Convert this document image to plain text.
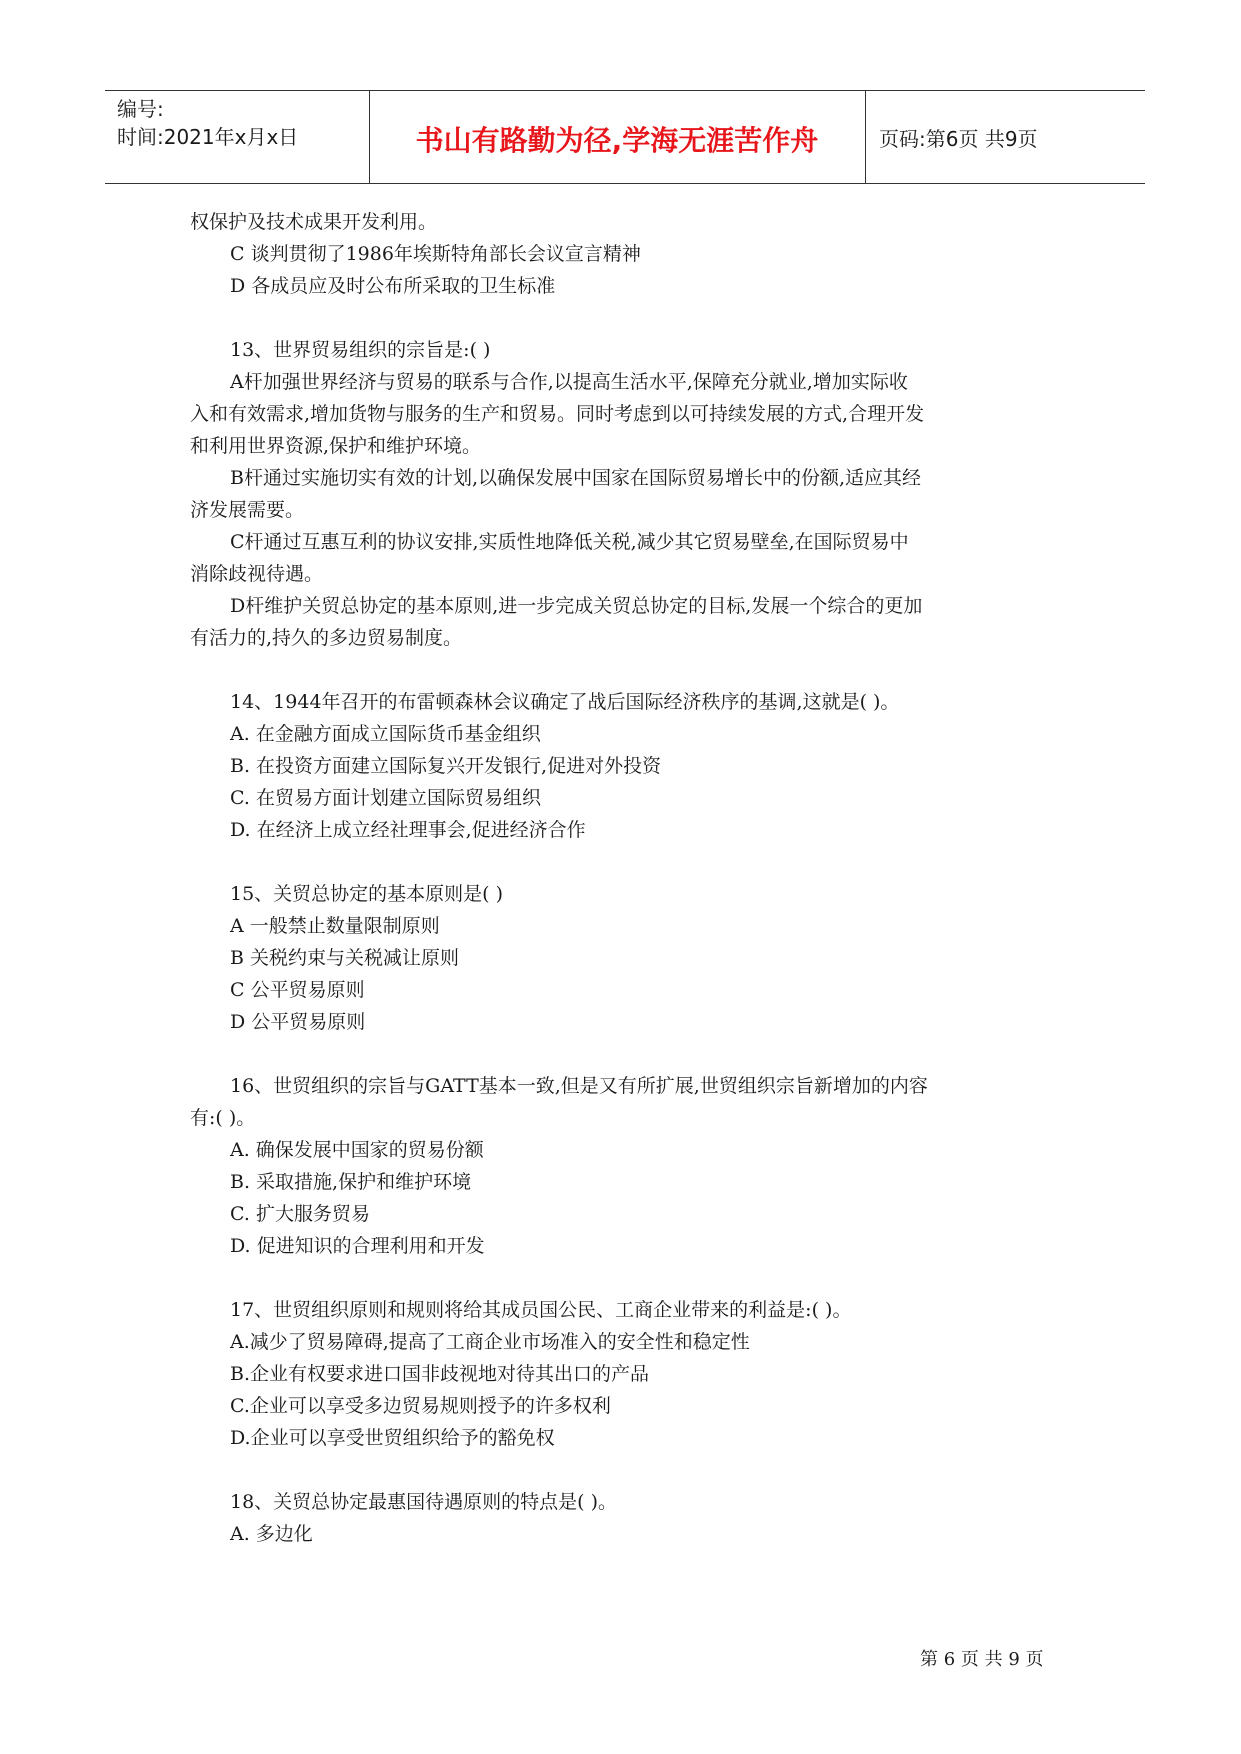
编号:
时间:2021年x月x日	书山有路勤为径,学海无涯苦作舟	页码:第6页 共9页
权保护及技术成果开发利用。
C 谈判贯彻了1986年埃斯特角部长会议宣言精神
D 各成员应及时公布所采取的卫生标准
13、世界贸易组织的宗旨是:( )
A杆加强世界经济与贸易的联系与合作,以提高生活水平,保障充分就业,增加实际收
入和有效需求,增加货物与服务的生产和贸易。同时考虑到以可持续发展的方式,合理开发
和利用世界资源,保护和维护环境。
B杆通过实施切实有效的计划,以确保发展中国家在国际贸易增长中的份额,适应其经
济发展需要。
C杆通过互惠互利的协议安排,实质性地降低关税,减少其它贸易壁垒,在国际贸易中
消除歧视待遇。
D杆维护关贸总协定的基本原则,进一步完成关贸总协定的目标,发展一个综合的更加
有活力的,持久的多边贸易制度。
14、1944年召开的布雷顿森林会议确定了战后国际经济秩序的基调,这就是( )。
A. 在金融方面成立国际货币基金组织
B. 在投资方面建立国际复兴开发银行,促进对外投资
C. 在贸易方面计划建立国际贸易组织
D. 在经济上成立经社理事会,促进经济合作
15、关贸总协定的基本原则是( )
A 一般禁止数量限制原则
B 关税约束与关税减让原则
C 公平贸易原则
D 公平贸易原则
16、世贸组织的宗旨与GATT基本一致,但是又有所扩展,世贸组织宗旨新增加的内容
有:( )。
A. 确保发展中国家的贸易份额
B. 采取措施,保护和维护环境
C. 扩大服务贸易
D. 促进知识的合理利用和开发
17、世贸组织原则和规则将给其成员国公民、工商企业带来的利益是:( )。
A.减少了贸易障碍,提高了工商企业市场准入的安全性和稳定性
B.企业有权要求进口国非歧视地对待其出口的产品
C.企业可以享受多边贸易规则授予的许多权利
D.企业可以享受世贸组织给予的豁免权
18、关贸总协定最惠国待遇原则的特点是( )。
A. 多边化
第 6 页 共 9 页
